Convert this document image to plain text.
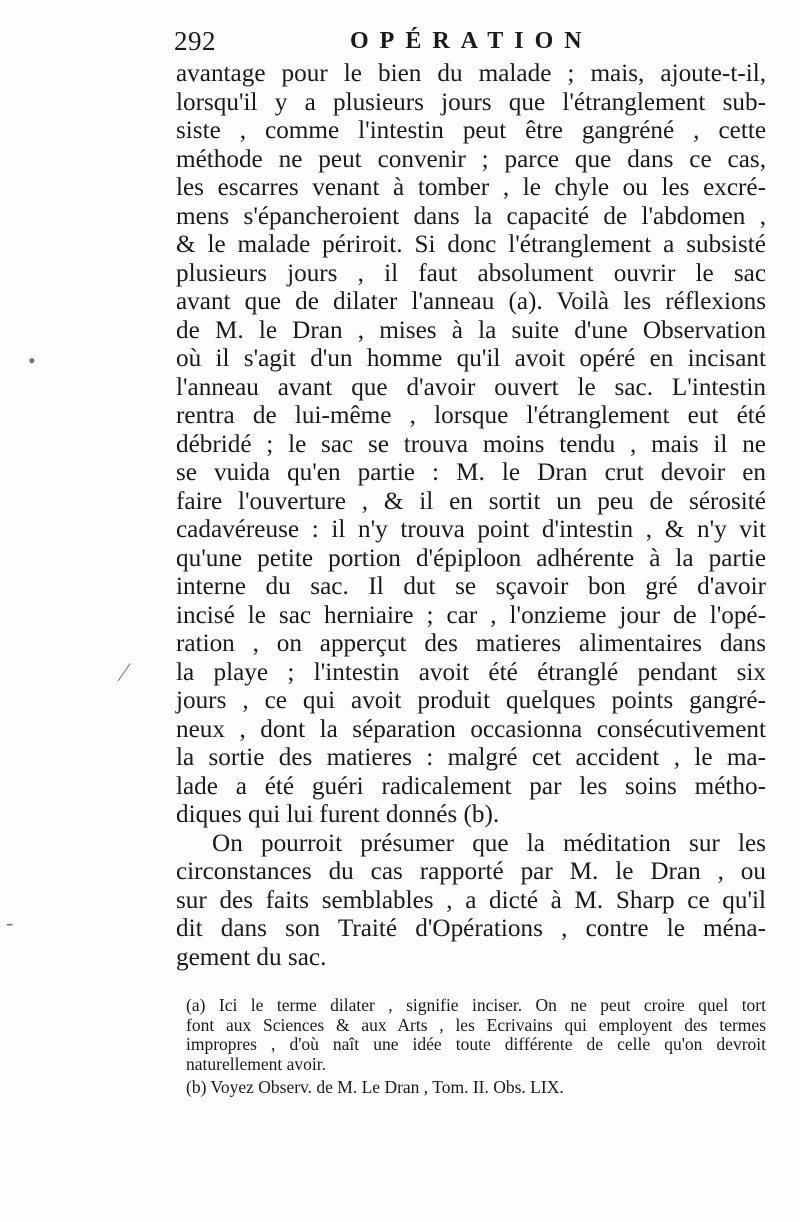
292	OPÉRATION
avantage pour le bien du malade ; mais, ajoute-t-il,
lorsqu'il y a plusieurs jours que l'étranglement sub-
siste , comme l'intestin peut être gangréné , cette
méthode ne peut convenir ; parce que dans ce cas,
les escarres venant à tomber , le chyle ou les excré-
mens s'épancheroient dans la capacité de l'abdomen ,
& le malade périroit. Si donc l'étranglement a subsisté
plusieurs jours , il faut absolument ouvrir le sac
avant que de dilater l'anneau (a). Voilà les réflexions
de M. le Dran , mises à la suite d'une Observation
où il s'agit d'un homme qu'il avoit opéré en incisant
l'anneau avant que d'avoir ouvert le sac. L'intestin
rentra de lui-même , lorsque l'étranglement eut été
débridé ; le sac se trouva moins tendu , mais il ne
se vuida qu'en partie : M. le Dran crut devoir en
faire l'ouverture , & il en sortit un peu de sérosité
cadavéreuse : il n'y trouva point d'intestin , & n'y vit
qu'une petite portion d'épiploon adhérente à la partie
interne du sac. Il dut se sçavoir bon gré d'avoir
incisé le sac herniaire ; car , l'onzieme jour de l'opé-
ration , on apperçut des matieres alimentaires dans
la playe ; l'intestin avoit été étranglé pendant six
jours , ce qui avoit produit quelques points gangré-
neux , dont la séparation occasionna consécutivement
la sortie des matieres : malgré cet accident , le ma-
lade a été guéri radicalement par les soins métho-
diques qui lui furent donnés (b).
On pourroit présumer que la méditation sur les
circonstances du cas rapporté par M. le Dran , ou
sur des faits semblables , a dicté à M. Sharp ce qu'il
dit dans son Traité d'Opérations , contre le ména-
gement du sac.
(a) Ici le terme dilater , signifie inciser. On ne peut croire quel tort
font aux Sciences & aux Arts , les Ecrivains qui employent des termes
impropres , d'où naît une idée toute différente de celle qu'on devroit
naturellement avoir.
(b) Voyez Observ. de M. Le Dran , Tom. II. Obs. LIX.
•
⁄
-
